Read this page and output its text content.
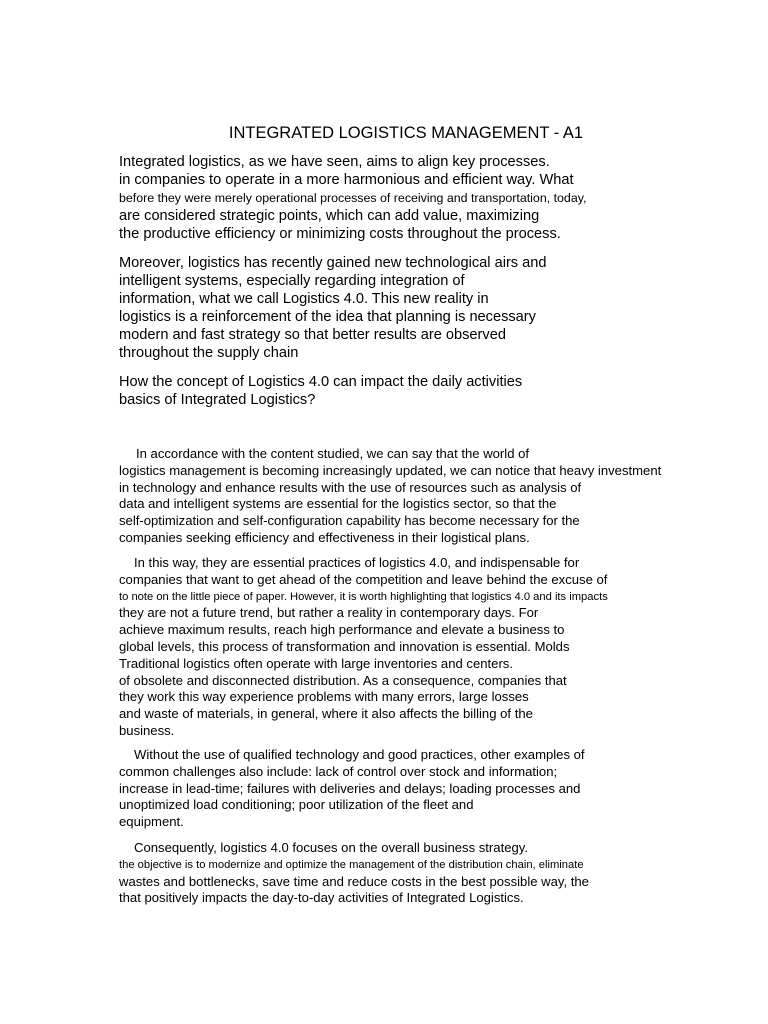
INTEGRATED LOGISTICS MANAGEMENT - A1
Integrated logistics, as we have seen, aims to align key processes.
in companies to operate in a more harmonious and efficient way. What
before they were merely operational processes of receiving and transportation, today,
are considered strategic points, which can add value, maximizing
the productive efficiency or minimizing costs throughout the process.
Moreover, logistics has recently gained new technological airs and
intelligent systems, especially regarding integration of
information, what we call Logistics 4.0. This new reality in
logistics is a reinforcement of the idea that planning is necessary
modern and fast strategy so that better results are observed
throughout the supply chain
How the concept of Logistics 4.0 can impact the daily activities
basics of Integrated Logistics?
In accordance with the content studied, we can say that the world of
logistics management is becoming increasingly updated, we can notice that heavy investment
in technology and enhance results with the use of resources such as analysis of
data and intelligent systems are essential for the logistics sector, so that the
self-optimization and self-configuration capability has become necessary for the
companies seeking efficiency and effectiveness in their logistical plans.
In this way, they are essential practices of logistics 4.0, and indispensable for
companies that want to get ahead of the competition and leave behind the excuse of
to note on the little piece of paper. However, it is worth highlighting that logistics 4.0 and its impacts
they are not a future trend, but rather a reality in contemporary days. For
achieve maximum results, reach high performance and elevate a business to
global levels, this process of transformation and innovation is essential. Molds
Traditional logistics often operate with large inventories and centers.
of obsolete and disconnected distribution. As a consequence, companies that
they work this way experience problems with many errors, large losses
and waste of materials, in general, where it also affects the billing of the
business.
Without the use of qualified technology and good practices, other examples of
common challenges also include: lack of control over stock and information;
increase in lead-time; failures with deliveries and delays; loading processes and
unoptimized load conditioning; poor utilization of the fleet and
equipment.
Consequently, logistics 4.0 focuses on the overall business strategy.
the objective is to modernize and optimize the management of the distribution chain, eliminate
wastes and bottlenecks, save time and reduce costs in the best possible way, the
that positively impacts the day-to-day activities of Integrated Logistics.
